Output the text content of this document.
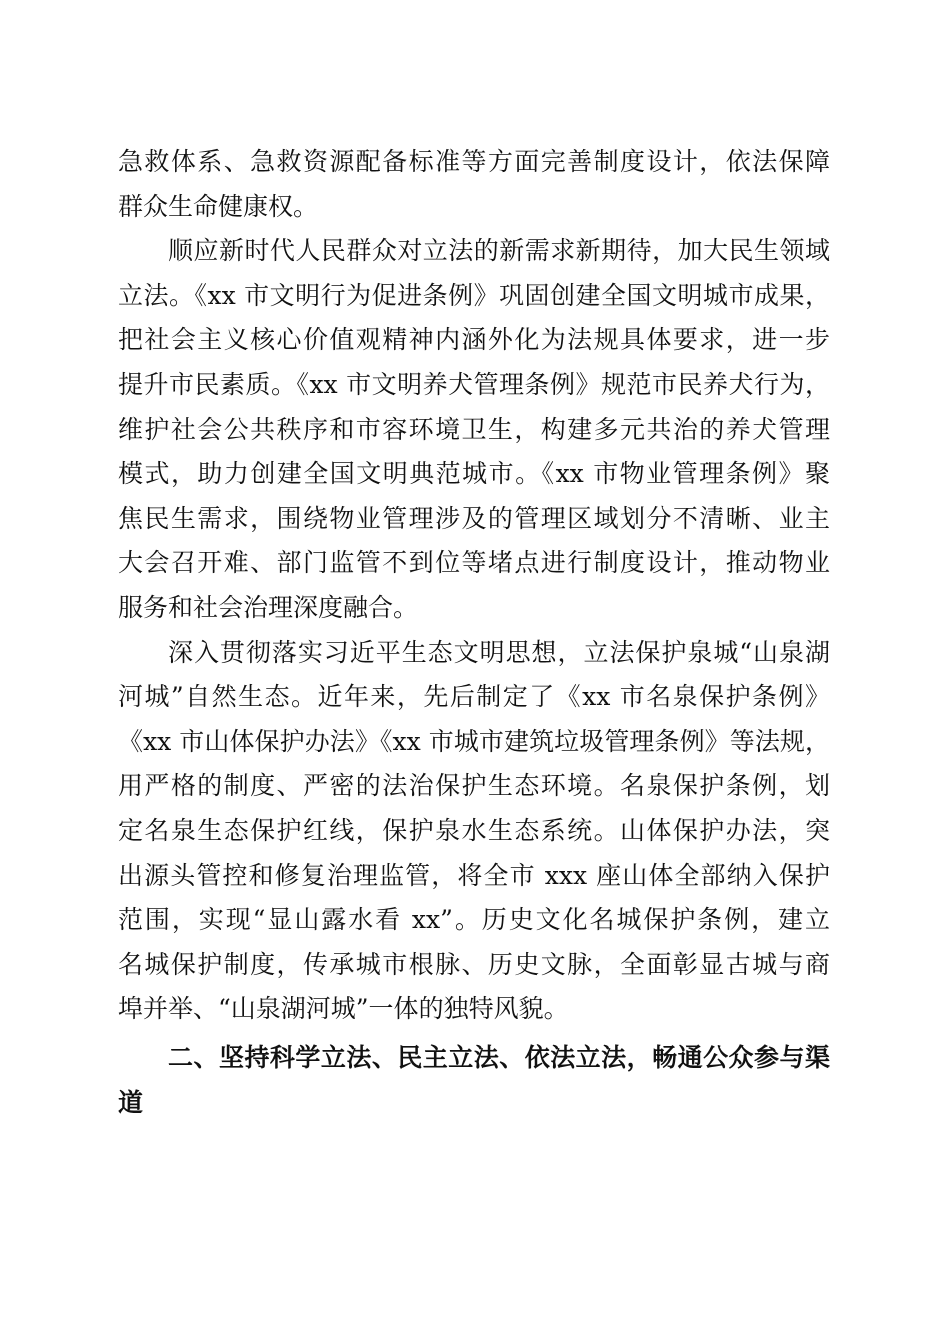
急救体系、急救资源配备标准等方面完善制度设计，依法保障
群众生命健康权。
顺应新时代人民群众对立法的新需求新期待，加大民生领域
立法。《xx 市文明行为促进条例》巩固创建全国文明城市成果，
把社会主义核心价值观精神内涵外化为法规具体要求，进一步
提升市民素质。《xx 市文明养犬管理条例》规范市民养犬行为，
维护社会公共秩序和市容环境卫生，构建多元共治的养犬管理
模式，助力创建全国文明典范城市。《xx 市物业管理条例》聚
焦民生需求，围绕物业管理涉及的管理区域划分不清晰、业主
大会召开难、部门监管不到位等堵点进行制度设计，推动物业
服务和社会治理深度融合。
深入贯彻落实习近平生态文明思想，立法保护泉城“山泉湖
河城”自然生态。近年来，先后制定了《xx 市名泉保护条例》
《xx 市山体保护办法》《xx 市城市建筑垃圾管理条例》等法规，
用严格的制度、严密的法治保护生态环境。名泉保护条例，划
定名泉生态保护红线，保护泉水生态系统。山体保护办法，突
出源头管控和修复治理监管，将全市 xxx 座山体全部纳入保护
范围，实现“显山露水看 xx”。历史文化名城保护条例，建立
名城保护制度，传承城市根脉、历史文脉，全面彰显古城与商
埠并举、“山泉湖河城”一体的独特风貌。
二、坚持科学立法、民主立法、依法立法，畅通公众参与渠
道
